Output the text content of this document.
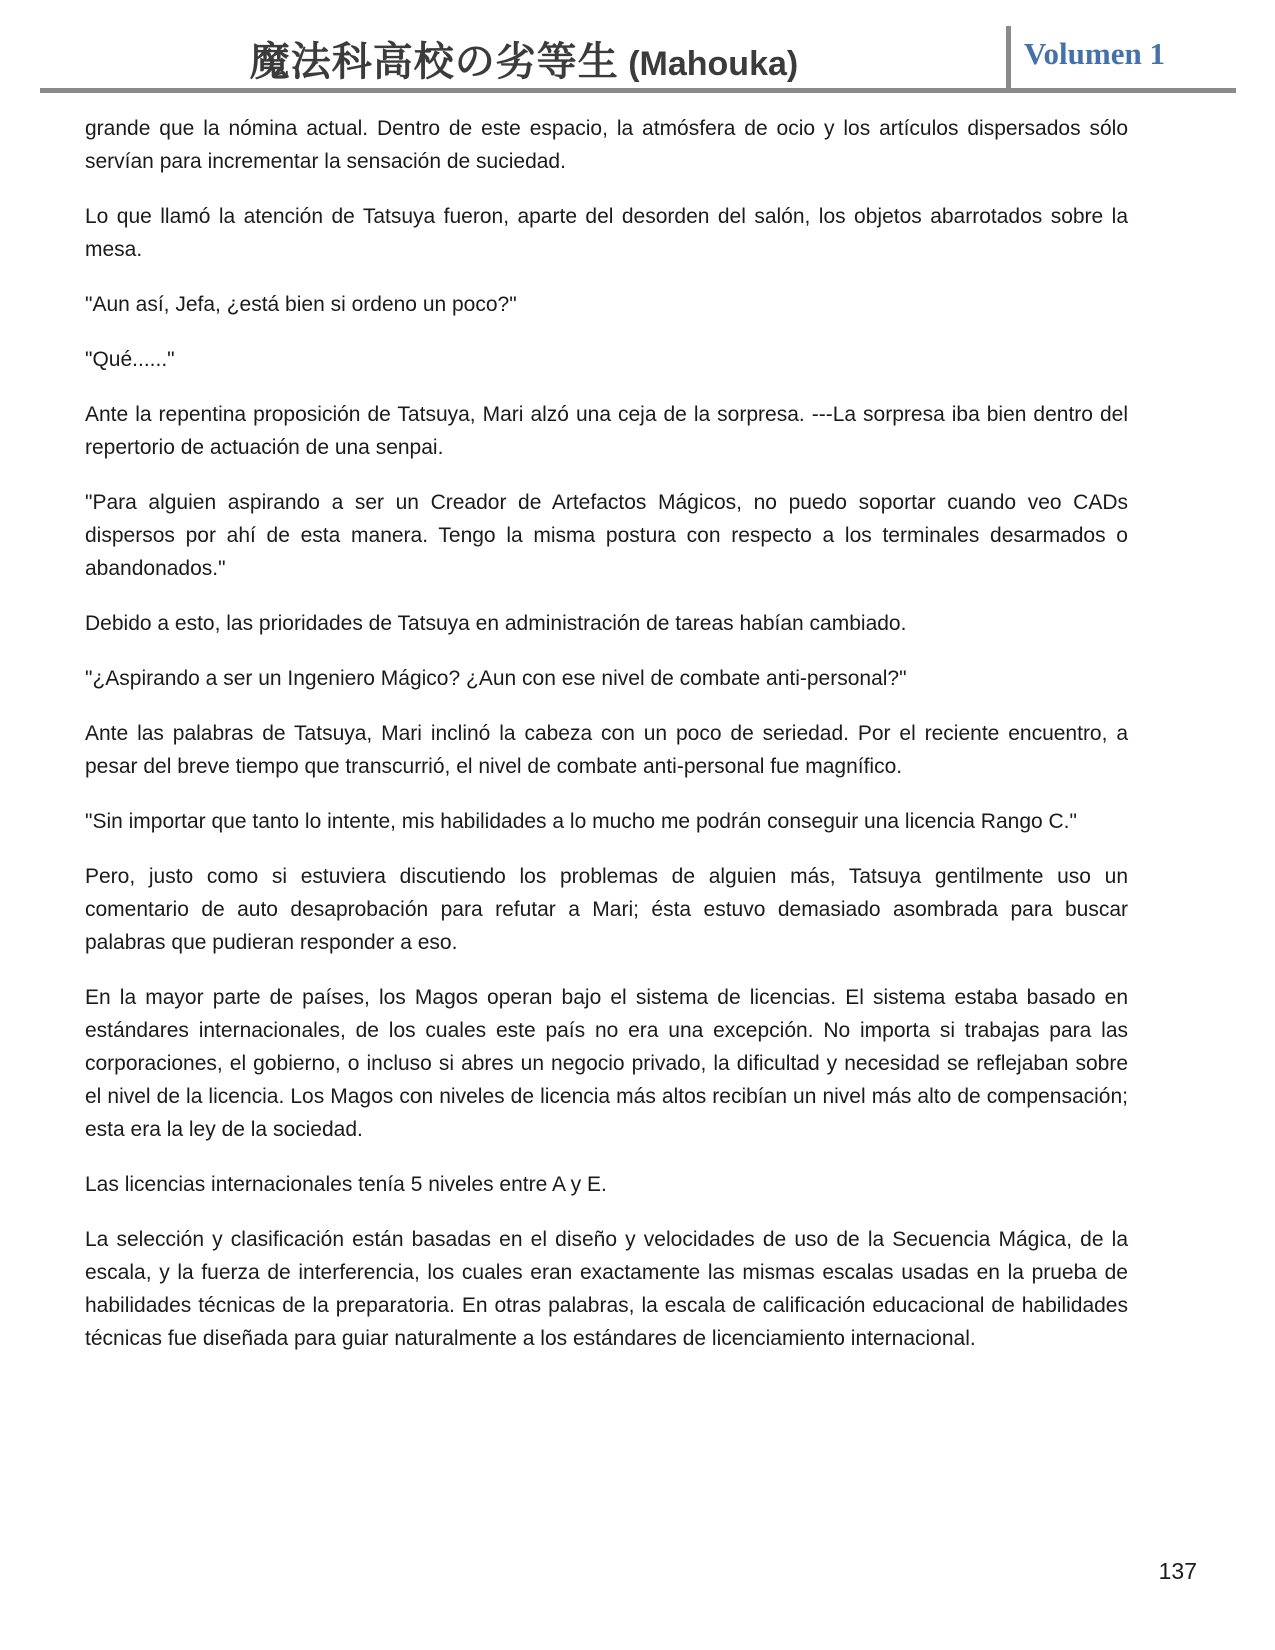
魔法科高校の劣等生 (Mahouka)	Volumen 1

grande que la nómina actual. Dentro de este espacio, la atmósfera de ocio y los artículos dispersados sólo servían para incrementar la sensación de suciedad.

Lo que llamó la atención de Tatsuya fueron, aparte del desorden del salón, los objetos abarrotados sobre la mesa.

"Aun así, Jefa, ¿está bien si ordeno un poco?"

"Qué......"

Ante la repentina proposición de Tatsuya, Mari alzó una ceja de la sorpresa. ---La sorpresa iba bien dentro del repertorio de actuación de una senpai.

"Para alguien aspirando a ser un Creador de Artefactos Mágicos, no puedo soportar cuando veo CADs dispersos por ahí de esta manera. Tengo la misma postura con respecto a los terminales desarmados o abandonados."

Debido a esto, las prioridades de Tatsuya en administración de tareas habían cambiado.

"¿Aspirando a ser un Ingeniero Mágico? ¿Aun con ese nivel de combate anti-personal?"

Ante las palabras de Tatsuya, Mari inclinó la cabeza con un poco de seriedad. Por el reciente encuentro, a pesar del breve tiempo que transcurrió, el nivel de combate anti-personal fue magnífico.

"Sin importar que tanto lo intente, mis habilidades a lo mucho me podrán conseguir una licencia Rango C."

Pero, justo como si estuviera discutiendo los problemas de alguien más, Tatsuya gentilmente uso un comentario de auto desaprobación para refutar a Mari; ésta estuvo demasiado asombrada para buscar palabras que pudieran responder a eso.

En la mayor parte de países, los Magos operan bajo el sistema de licencias. El sistema estaba basado en estándares internacionales, de los cuales este país no era una excepción. No importa si trabajas para las corporaciones, el gobierno, o incluso si abres un negocio privado, la dificultad y necesidad se reflejaban sobre el nivel de la licencia. Los Magos con niveles de licencia más altos recibían un nivel más alto de compensación; esta era la ley de la sociedad.

Las licencias internacionales tenía 5 niveles entre A y E.

La selección y clasificación están basadas en el diseño y velocidades de uso de la Secuencia Mágica, de la escala, y la fuerza de interferencia, los cuales eran exactamente las mismas escalas usadas en la prueba de habilidades técnicas de la preparatoria. En otras palabras, la escala de calificación educacional de habilidades técnicas fue diseñada para guiar naturalmente a los estándares de licenciamiento internacional.

137
